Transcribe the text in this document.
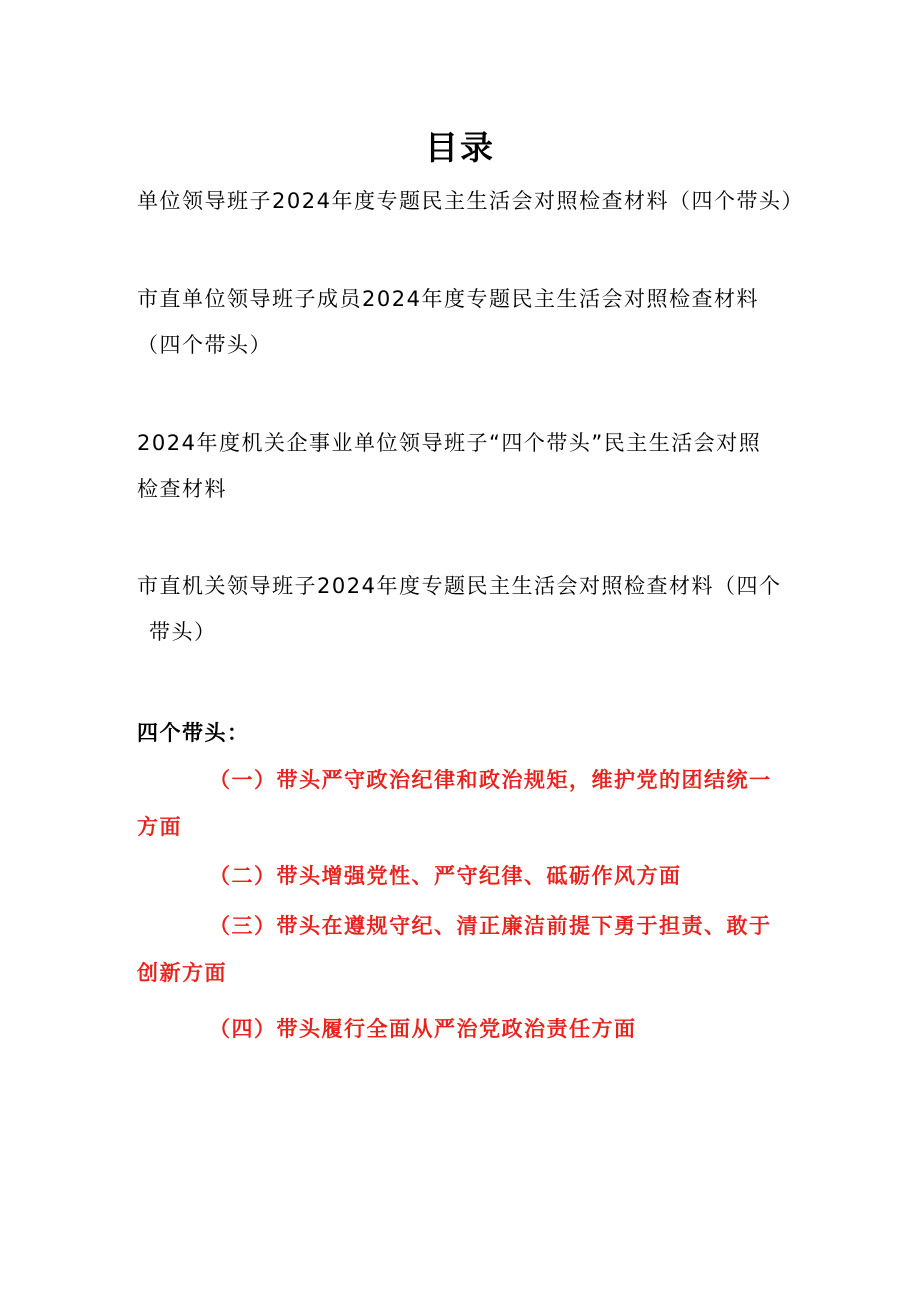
目录
单位领导班子2024年度专题民主生活会对照检查材料（四个带头）
市直单位领导班子成员2024年度专题民主生活会对照检查材料
（四个带头）
2024年度机关企事业单位领导班子“四个带头”民主生活会对照
检查材料
市直机关领导班子2024年度专题民主生活会对照检查材料（四个
带头）
四个带头：
（一）带头严守政治纪律和政治规矩，维护党的团结统一
方面
（二）带头增强党性、严守纪律、砥砺作风方面
（三）带头在遵规守纪、清正廉洁前提下勇于担责、敢于
创新方面
（四）带头履行全面从严治党政治责任方面
